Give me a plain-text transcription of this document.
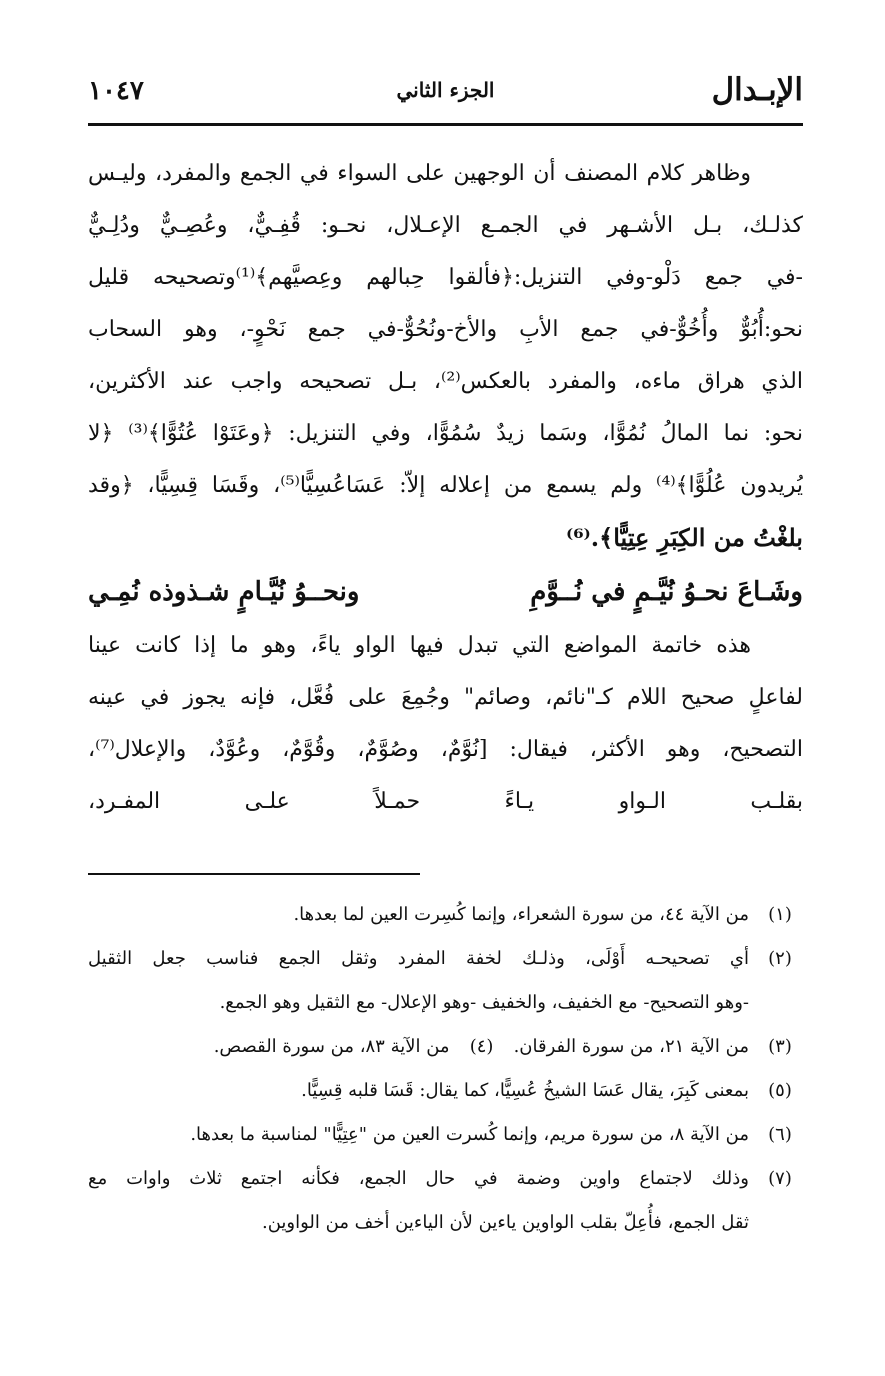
الإبـدال
الجزء الثاني
١٠٤٧
وظاهر كلام المصنف أن الوجهين على السواء في الجمع والمفرد، وليـس
كذلـك، بـل الأشـهر في الجمـع الإعـلال، نحـو: قُفِـيٌّ، وعُصِـيٌّ ودُلِـيٌّ
-في جمع دَلْو-وفي التنزيل:﴿فألقوا حِبالهم وعِصيَّهم﴾⁽¹⁾وتصحيحه قليل
نحو:أُبُوٌّ وأُخُوٌّ-في جمع الأبِ والأخ-ونُحُوٌّ-في جمع نَحْوٍ-، وهو السحاب
الذي هراق ماءه، والمفرد بالعكس⁽²⁾، بـل تصحيحه واجب عند الأكثرين،
نحو: نما المالُ نُمُوًّا، وسَما زيدٌ سُمُوًّا، وفي التنزيل: ﴿وعَتَوْا عُتُوًّا﴾⁽³⁾ ﴿لا
يُريدون عُلُوًّا﴾⁽⁴⁾ ولم يسمع من إعلاله إلاّ: عَسَاعُسِيًّا⁽⁵⁾، وقَسَا قِسِيًّا، ﴿وقد
بلغْتُ من الكِبَرِ عِتِيًّا﴾.⁽⁶⁾
وشَـاعَ نحـوُ نُيَّـمٍ في نُــوَّمِ
ونحــوُ نُيَّـامٍ شـذوذه نُمِـي
هذه خاتمة المواضع التي تبدل فيها الواو ياءً، وهو ما إذا كانت عينا
لفاعلٍ صحيح اللام كـ"نائم، وصائم" وجُمِعَ على فُعَّل، فإنه يجوز في عينه
التصحيح، وهو الأكثر، فيقال: [نُوَّمٌ، وصُوَّمٌ، وقُوَّمٌ، وعُوَّدٌ، والإعلال⁽⁷⁾،
بقلـب الـواو يـاءً حمـلاً علـى المفـرد،
(١)
من الآية ٤٤، من سورة الشعراء، وإنما كُسِرت العين لما بعدها.
(٢)
أي تصحيحـه أَوْلَى، وذلـك لخفة المفرد وثقل الجمع فناسب جعل الثقيل
-وهو التصحيح- مع الخفيف، والخفيف -وهو الإعلال- مع الثقيل وهو الجمع.
(٣)
من الآية ٢١، من سورة الفرقان.
(٤)
من الآية ٨٣، من سورة القصص.
(٥)
بمعنى كَبِرَ، يقال عَسَا الشيخُ عُسِيًّا، كما يقال: قَسَا قلبه قِسِيًّا.
(٦)
من الآية ٨، من سورة مريم، وإنما كُسرت العين من "عِتِيًّا" لمناسبة ما بعدها.
(٧)
وذلك لاجتماع واوين وضمة في حال الجمع، فكأنه اجتمع ثلاث واوات مع
ثقل الجمع، فأُعِلّ بقلب الواوين ياءين لأن الياءين أخف من الواوين.
